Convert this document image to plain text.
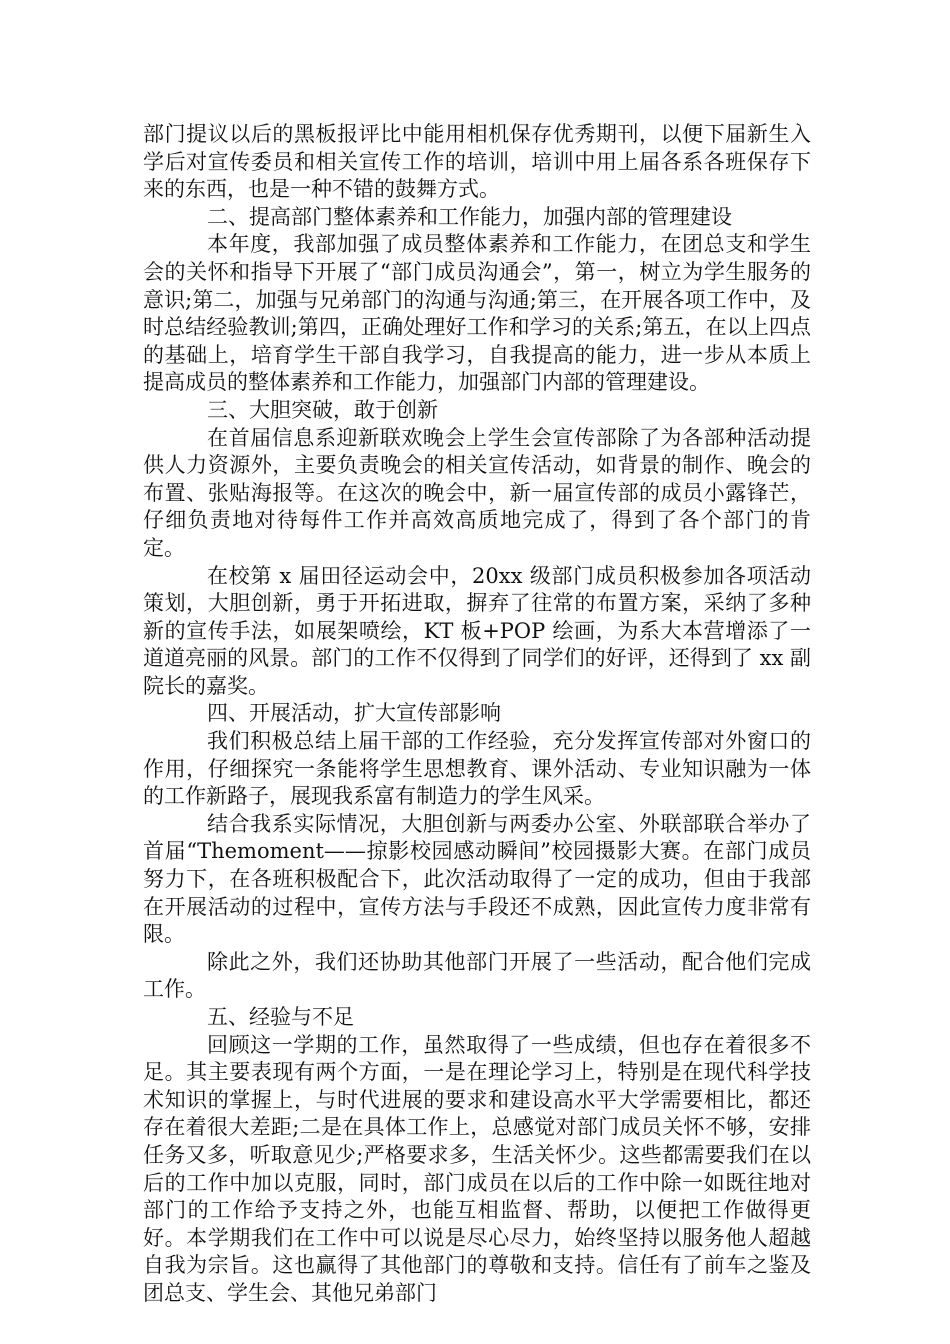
部门提议以后的黑板报评比中能用相机保存优秀期刊，以便下届新生入学后对宣传委员和相关宣传工作的培训，培训中用上届各系各班保存下来的东西，也是一种不错的鼓舞方式。

二、提高部门整体素养和工作能力，加强内部的管理建设

本年度，我部加强了成员整体素养和工作能力，在团总支和学生会的关怀和指导下开展了“部门成员沟通会”，第一，树立为学生服务的意识;第二，加强与兄弟部门的沟通与沟通;第三，在开展各项工作中，及时总结经验教训;第四，正确处理好工作和学习的关系;第五，在以上四点的基础上，培育学生干部自我学习，自我提高的能力，进一步从本质上提高成员的整体素养和工作能力，加强部门内部的管理建设。

三、大胆突破，敢于创新

在首届信息系迎新联欢晚会上学生会宣传部除了为各部种活动提供人力资源外，主要负责晚会的相关宣传活动，如背景的制作、晚会的布置、张贴海报等。在这次的晚会中，新一届宣传部的成员小露锋芒，仔细负责地对待每件工作并高效高质地完成了，得到了各个部门的肯定。

在校第 x 届田径运动会中，20xx 级部门成员积极参加各项活动策划，大胆创新，勇于开拓进取，摒弃了往常的布置方案，采纳了多种新的宣传手法，如展架喷绘，KT 板+POP 绘画，为系大本营增添了一道道亮丽的风景。部门的工作不仅得到了同学们的好评，还得到了 xx 副院长的嘉奖。

四、开展活动，扩大宣传部影响

我们积极总结上届干部的工作经验，充分发挥宣传部对外窗口的作用，仔细探究一条能将学生思想教育、课外活动、专业知识融为一体的工作新路子，展现我系富有制造力的学生风采。

结合我系实际情况，大胆创新与两委办公室、外联部联合举办了首届“Themoment——掠影校园感动瞬间”校园摄影大赛。在部门成员努力下，在各班积极配合下，此次活动取得了一定的成功，但由于我部在开展活动的过程中，宣传方法与手段还不成熟，因此宣传力度非常有限。

除此之外，我们还协助其他部门开展了一些活动，配合他们完成工作。

五、经验与不足

回顾这一学期的工作，虽然取得了一些成绩，但也存在着很多不足。其主要表现有两个方面，一是在理论学习上，特别是在现代科学技术知识的掌握上，与时代进展的要求和建设高水平大学需要相比，都还存在着很大差距;二是在具体工作上，总感觉对部门成员关怀不够，安排任务又多，听取意见少;严格要求多，生活关怀少。这些都需要我们在以后的工作中加以克服，同时，部门成员在以后的工作中除一如既往地对部门的工作给予支持之外，也能互相监督、帮助，以便把工作做得更好。本学期我们在工作中可以说是尽心尽力，始终坚持以服务他人超越自我为宗旨。这也赢得了其他部门的尊敬和支持。信任有了前车之鉴及团总支、学生会、其他兄弟部门
